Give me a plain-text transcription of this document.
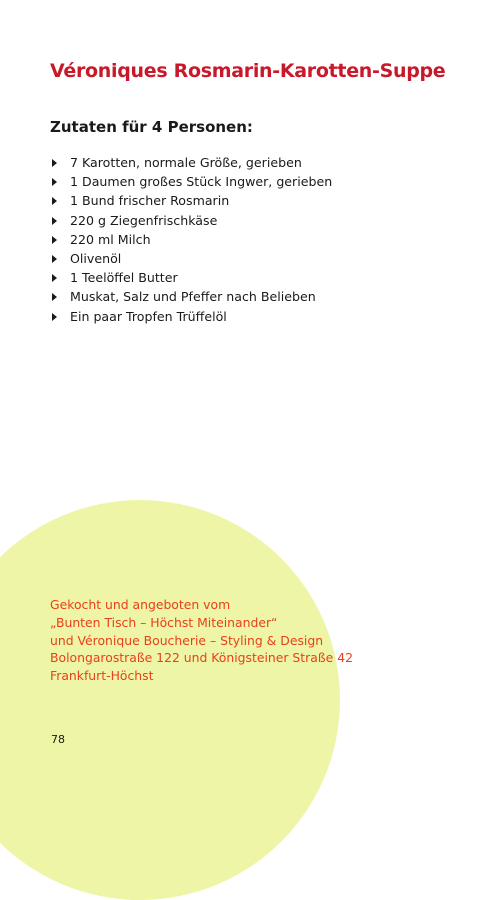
Véroniques Rosmarin-Karotten-Suppe
Zutaten für 4 Personen:
7 Karotten, normale Größe, gerieben
1 Daumen großes Stück Ingwer, gerieben
1 Bund frischer Rosmarin
220 g Ziegenfrischkäse
220 ml Milch
Olivenöl
1 Teelöffel Butter
Muskat, Salz und Pfeffer nach Belieben
Ein paar Tropfen Trüffelöl
Gekocht und angeboten vom
„Bunten Tisch – Höchst Miteinander“
und Véronique Boucherie – Styling & Design
Bolongarostraße 122 und Königsteiner Straße 42
Frankfurt-Höchst
78
